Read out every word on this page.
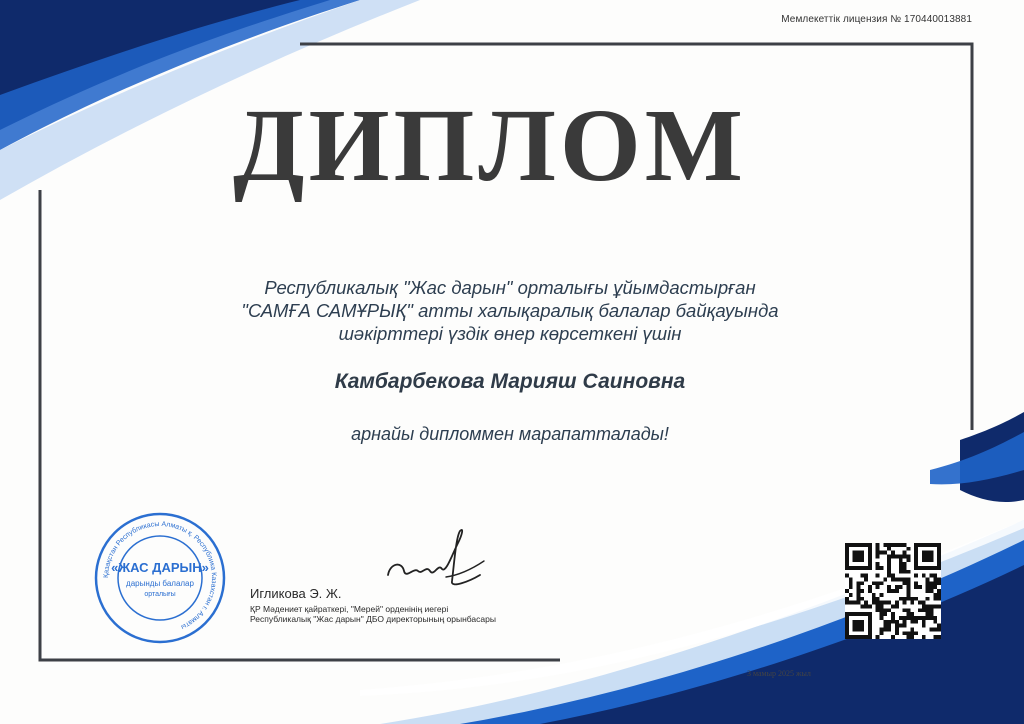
Мемлекеттік лицензия № 170440013881
ДИПЛОМ
Республикалық "Жас дарын" орталығы ұйымдастырған
"САМҒА САМҰРЫҚ" атты халықаралық балалар байқауында
шәкірттері үздік өнер көрсеткені үшін
Камбарбекова Марияш Саиновна
арнайы дипломмен марапатталады!
Қазақстан Республикасы Алматы қ. Республика Казахстан г. Алматы
«ЖАС ДАРЫН»
дарынды балалар
орталығы	Игликова Э. Ж.
ҚР Мәдениет қайраткері, "Мерей" орденінің иегері
Республикалық "Жас дарын" ДБО директорының орынбасары
3 мамыр 2025 жыл
